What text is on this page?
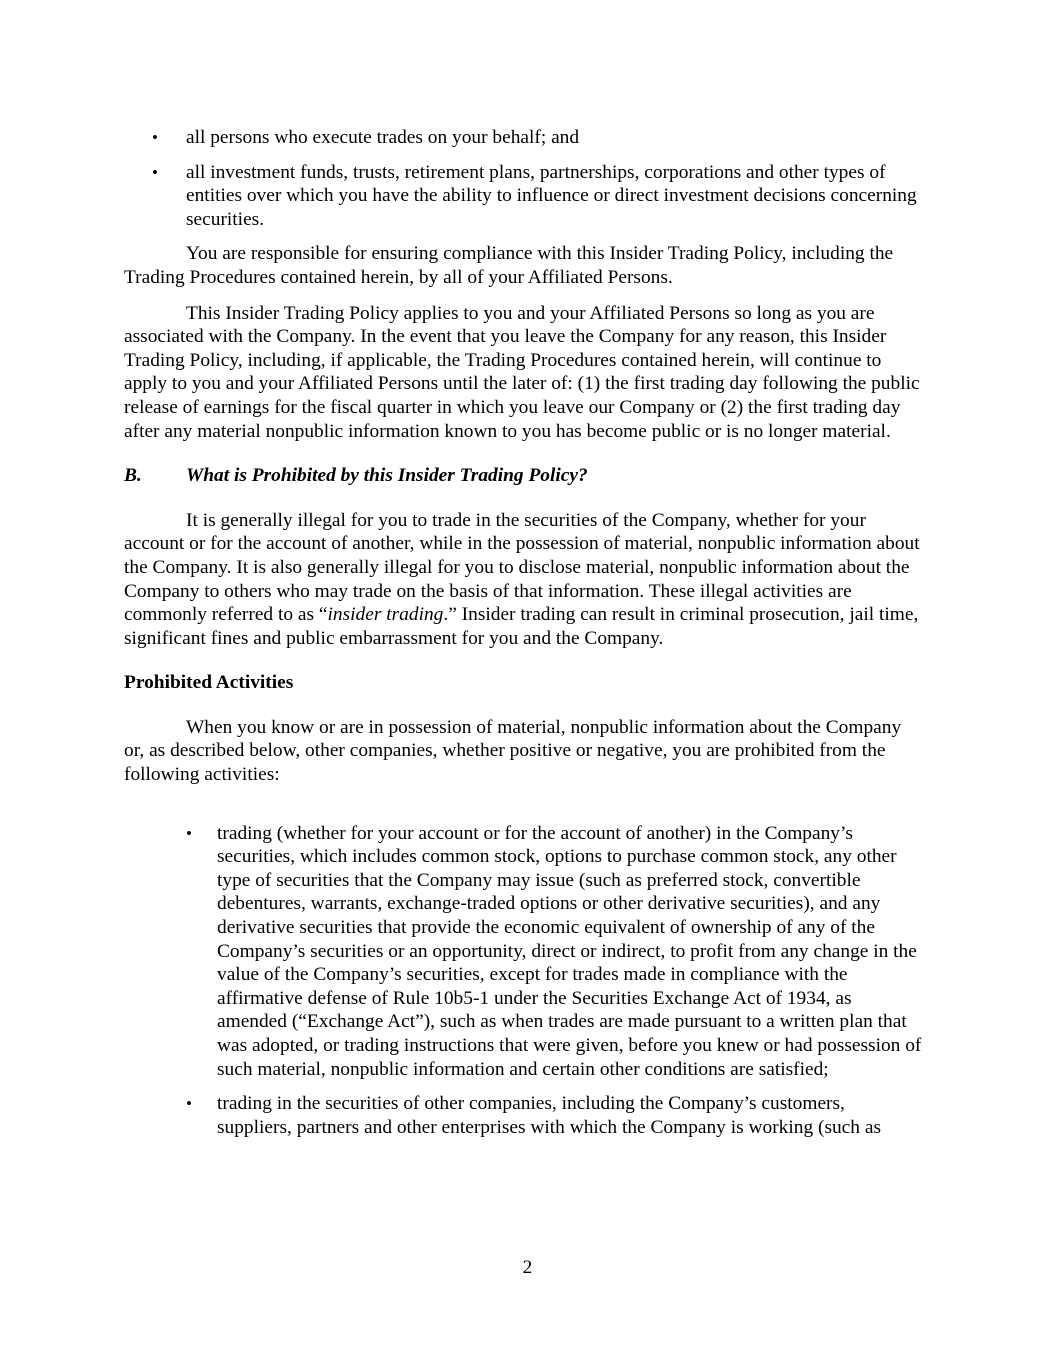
• all persons who execute trades on your behalf; and
• all investment funds, trusts, retirement plans, partnerships, corporations and other types of entities over which you have the ability to influence or direct investment decisions concerning securities.

You are responsible for ensuring compliance with this Insider Trading Policy, including the Trading Procedures contained herein, by all of your Affiliated Persons.

This Insider Trading Policy applies to you and your Affiliated Persons so long as you are associated with the Company. In the event that you leave the Company for any reason, this Insider Trading Policy, including, if applicable, the Trading Procedures contained herein, will continue to apply to you and your Affiliated Persons until the later of: (1) the first trading day following the public release of earnings for the fiscal quarter in which you leave our Company or (2) the first trading day after any material nonpublic information known to you has become public or is no longer material.

B. What is Prohibited by this Insider Trading Policy?

It is generally illegal for you to trade in the securities of the Company, whether for your account or for the account of another, while in the possession of material, nonpublic information about the Company. It is also generally illegal for you to disclose material, nonpublic information about the Company to others who may trade on the basis of that information. These illegal activities are commonly referred to as “insider trading.” Insider trading can result in criminal prosecution, jail time, significant fines and public embarrassment for you and the Company.

Prohibited Activities

When you know or are in possession of material, nonpublic information about the Company or, as described below, other companies, whether positive or negative, you are prohibited from the following activities:

• trading (whether for your account or for the account of another) in the Company’s securities, which includes common stock, options to purchase common stock, any other type of securities that the Company may issue (such as preferred stock, convertible debentures, warrants, exchange-traded options or other derivative securities), and any derivative securities that provide the economic equivalent of ownership of any of the Company’s securities or an opportunity, direct or indirect, to profit from any change in the value of the Company’s securities, except for trades made in compliance with the affirmative defense of Rule 10b5-1 under the Securities Exchange Act of 1934, as amended (“Exchange Act”), such as when trades are made pursuant to a written plan that was adopted, or trading instructions that were given, before you knew or had possession of such material, nonpublic information and certain other conditions are satisfied;
• trading in the securities of other companies, including the Company’s customers, suppliers, partners and other enterprises with which the Company is working (such as
2
